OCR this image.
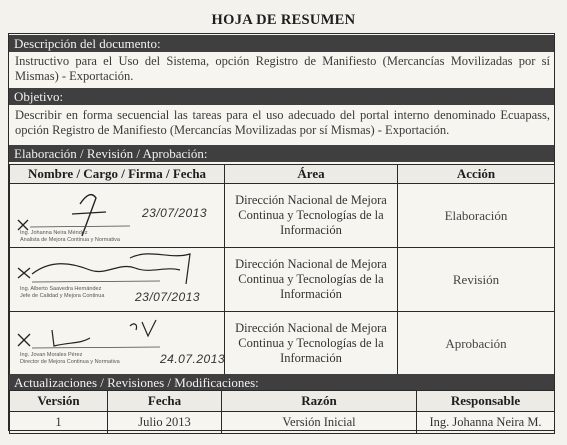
HOJA DE RESUMEN
Descripción del documento:
Instructivo para el Uso del Sistema, opción Registro de Manifiesto (Mercancías Movilizadas por sí Mismas) - Exportación.
Objetivo:
Describir en forma secuencial las tareas para el uso adecuado del portal interno denominado Ecuapass, opción Registro de Manifiesto (Mercancías Movilizadas por sí Mismas) - Exportación.
Elaboración / Revisión / Aprobación:
Nombre / Cargo / Firma / Fecha	Área	Acción

Ing. Johanna Neira Méndez
Analista de Mejora Continua y Normativa
23/07/2013	Dirección Nacional de Mejora Continua y Tecnologías de la Información	Elaboración

Ing. Alberto Saavedra Hernández
Jefe de Calidad y Mejora Continua 23/07/2013	Dirección Nacional de Mejora Continua y Tecnologías de la Información	Revisión

Ing. Jovan Morales Pérez
Director de Mejora Continua y Normativa 24.07.2013	Dirección Nacional de Mejora Continua y Tecnologías de la Información	Aprobación
Actualizaciones / Revisiones / Modificaciones:
Versión	Fecha	Razón	Responsable
1	Julio 2013	Versión Inicial	Ing. Johanna Neira M.
